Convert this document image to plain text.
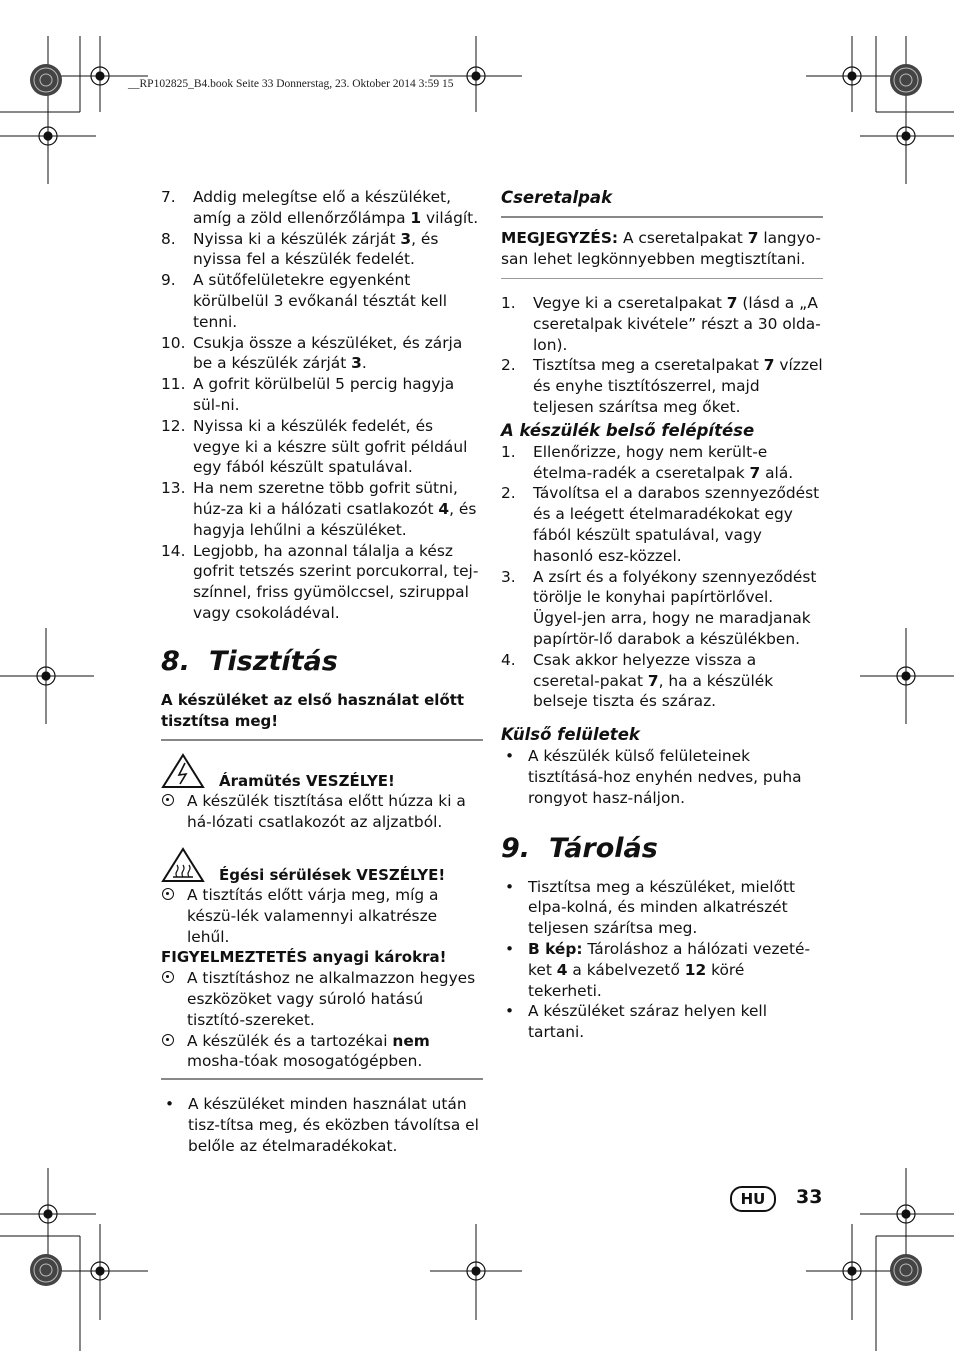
__RP102825_B4.book Seite 33 Donnerstag, 23. Oktober 2014 3:59 15

7. Addig melegítse elő a készüléket, amíg a zöld ellenőrzőlámpa 1 világít.

8. Nyissa ki a készülék zárját 3, és nyissa fel a készülék fedelét.

9. A sütőfelületekre egyenként körülbelül 3 evőkanál tésztát kell tenni.

10. Csukja össze a készüléket, és zárja be a készülék zárját 3.

11. A gofrit körülbelül 5 percig hagyja sül-ni.

12. Nyissa ki a készülék fedelét, és vegye ki a készre sült gofrit például egy fából készült spatulával.

13. Ha nem szeretne több gofrit sütni, húz-za ki a hálózati csatlakozót 4, és hagyja lehűlni a készüléket.

14. Legjobb, ha azonnal tálalja a kész gofrit tetszés szerint porcukorral, tej-színnel, friss gyümölccsel, sziruppal vagy csokoládéval.

8. Tisztítás

A készüléket az első használat előtt tisztítsa meg!

Áramütés VESZÉLYE!

A készülék tisztítása előtt húzza ki a há-lózati csatlakozót az aljzatból.

Égési sérülések VESZÉLYE!

A tisztítás előtt várja meg, míg a készü-lék valamennyi alkatrésze lehűl.

FIGYELMEZTETÉS anyagi károkra!

A tisztításhoz ne alkalmazzon hegyes eszközöket vagy súroló hatású tisztító-szereket.

A készülék és a tartozékai nem mosha-tóak mosogatógépben.

• A készüléket minden használat után tisz-títsa meg, és eközben távolítsa el belőle az ételmaradékokat.

Cseretalpak

MEGJEGYZÉS: A cseretalpakat 7 langyo-san lehet legkönnyebben megtisztítani.

1. Vegye ki a cseretalpakat 7 (lásd a „A cseretalpak kivétele” részt a 30 olda-lon).

2. Tisztítsa meg a cseretalpakat 7 vízzel és enyhe tisztítószerrel, majd teljesen szárítsa meg őket.

A készülék belső felépítése

1. Ellenőrizze, hogy nem került-e ételma-radék a cseretalpak 7 alá.

2. Távolítsa el a darabos szennyeződést és a leégett ételmaradékokat egy fából készült spatulával, vagy hasonló esz-közzel.

3. A zsírt és a folyékony szennyeződést törölje le konyhai papírtörlővel. Ügyel-jen arra, hogy ne maradjanak papírtör-lő darabok a készülékben.

4. Csak akkor helyezze vissza a cseretal-pakat 7, ha a készülék belseje tiszta és száraz.

Külső felületek

• A készülék külső felületeinek tisztításá-hoz enyhén nedves, puha rongyot hasz-náljon.

9. Tárolás

• Tisztítsa meg a készüléket, mielőtt elpa-kolná, és minden alkatrészét teljesen szárítsa meg.

• B kép: Tároláshoz a hálózati vezeté-ket 4 a kábelvezető 12 köré tekerheti.

• A készüléket száraz helyen kell tartani.

HU	33
